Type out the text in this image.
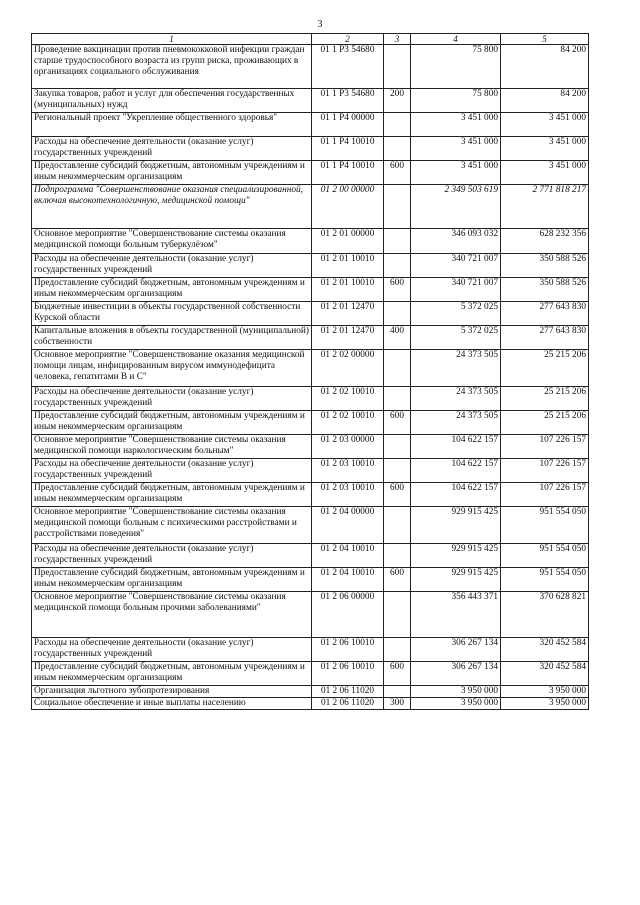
3
1	2	3	4	5
Проведение вакцинации против пневмококковой инфекции граждан старше трудоспособного возраста из групп риска, проживающих в организациях социального обслуживания	01 1 P3 54680		75 800	84 200
Закупка товаров, работ и услуг для обеспечения государственных (муниципальных) нужд	01 1 P3 54680	200	75 800	84 200
Региональный проект "Укрепление общественного здоровья"	01 1 P4 00000		3 451 000	3 451 000
Расходы на обеспечение деятельности (оказание услуг) государственных учреждений	01 1 P4 10010		3 451 000	3 451 000
Предоставление субсидий бюджетным, автономным учреждениям и иным некоммерческим организациям	01 1 P4 10010	600	3 451 000	3 451 000
Подпрограмма "Совершенствование оказания специализированной, включая высокотехнологичную, медицинской помощи"	01 2 00 00000		2 349 503 619	2 771 818 217
Основное мероприятие "Совершенствование системы оказания медицинской помощи больным туберкулёзом"	01 2 01 00000		346 093 032	628 232 356
Расходы на обеспечение деятельности (оказание услуг) государственных учреждений	01 2 01 10010		340 721 007	350 588 526
Предоставление субсидий бюджетным, автономным учреждениям и иным некоммерческим организациям	01 2 01 10010	600	340 721 007	350 588 526
Бюджетные инвестиции в объекты государственной собственности Курской области	01 2 01 12470		5 372 025	277 643 830
Капитальные вложения в объекты государственной (муниципальной) собственности	01 2 01 12470	400	5 372 025	277 643 830
Основное мероприятие "Совершенствование оказания медицинской помощи лицам, инфицированным вирусом иммунодефицита человека, гепатитами В и С"	01 2 02 00000		24 373 505	25 215 206
Расходы на обеспечение деятельности (оказание услуг) государственных учреждений	01 2 02 10010		24 373 505	25 215 206
Предоставление субсидий бюджетным, автономным учреждениям и иным некоммерческим организациям	01 2 02 10010	600	24 373 505	25 215 206
Основное мероприятие "Совершенствование системы оказания медицинской помощи наркологическим больным"	01 2 03 00000		104 622 157	107 226 157
Расходы на обеспечение деятельности (оказание услуг) государственных учреждений	01 2 03 10010		104 622 157	107 226 157
Предоставление субсидий бюджетным, автономным учреждениям и иным некоммерческим организациям	01 2 03 10010	600	104 622 157	107 226 157
Основное мероприятие "Совершенствование системы оказания медицинской помощи больным с психическими расстройствами и расстройствами поведения"	01 2 04 00000		929 915 425	951 554 050
Расходы на обеспечение деятельности (оказание услуг) государственных учреждений	01 2 04 10010		929 915 425	951 554 050
Предоставление субсидий бюджетным, автономным учреждениям и иным некоммерческим организациям	01 2 04 10010	600	929 915 425	951 554 050
Основное мероприятие "Совершенствование системы оказания медицинской помощи больным прочими заболеваниями"	01 2 06 00000		356 443 371	370 628 821
Расходы на обеспечение деятельности (оказание услуг) государственных учреждений	01 2 06 10010		306 267 134	320 452 584
Предоставление субсидий бюджетным, автономным учреждениям и иным некоммерческим организациям	01 2 06 10010	600	306 267 134	320 452 584
Организация льготного зубопротезирования	01 2 06 11020		3 950 000	3 950 000
Социальное обеспечение и иные выплаты населению	01 2 06 11020	300	3 950 000	3 950 000
